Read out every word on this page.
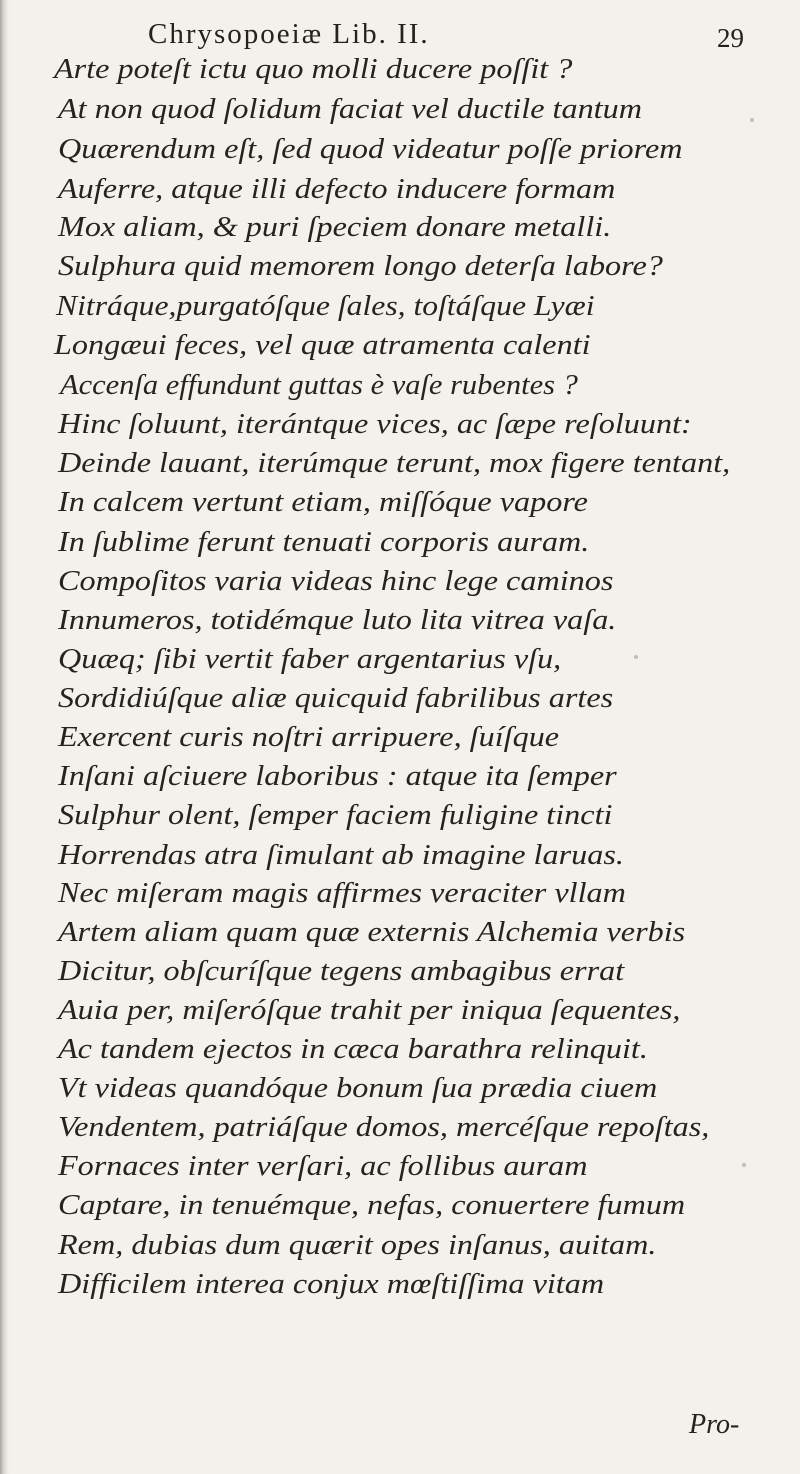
Chrysopoeiæ Lib. II.	29
Arte poteſt ictu quo molli ducere poſſit ?
At non quod ſolidum faciat vel ductile tantum
Quærendum eſt, ſed quod videatur poſſe priorem
Auferre, atque illi defecto inducere formam
Mox aliam, & puri ſpeciem donare metalli.
Sulphura quid memorem longo deterſa labore?
Nitráque,purgatóſque ſales, toſtáſque Lyæi
Longæui feces, vel quæ atramenta calenti
Accenſa effundunt guttas è vaſe rubentes ?
Hinc ſoluunt, iterántque vices, ac ſæpe reſoluunt:
Deinde lauant, iterúmque terunt, mox figere tentant,
In calcem vertunt etiam, miſſóque vapore
In ſublime ferunt tenuati corporis auram.
Compoſitos varia videas hinc lege caminos
Innumeros, totidémque luto lita vitrea vaſa.
Quæq; ſibi vertit faber argentarius vſu,
Sordidiúſque aliæ quicquid fabrilibus artes
Exercent curis noſtri arripuere, ſuíſque
Inſani aſciuere laboribus : atque ita ſemper
Sulphur olent, ſemper faciem fuligine tincti
Horrendas atra ſimulant ab imagine laruas.
Nec miſeram magis affirmes veraciter vllam
Artem aliam quam quæ externis Alchemia verbis
Dicitur, obſcuríſque tegens ambagibus errat
Auia per, miſeróſque trahit per iniqua ſequentes,
Ac tandem ejectos in cæca barathra relinquit.
Vt videas quandóque bonum ſua prædia ciuem
Vendentem, patriáſque domos, mercéſque repoſtas,
Fornaces inter verſari, ac follibus auram
Captare, in tenuémque, nefas, conuertere fumum
Rem, dubias dum quærit opes inſanus, auitam.
Difficilem interea conjux mœſtiſſima vitam
Pro-
